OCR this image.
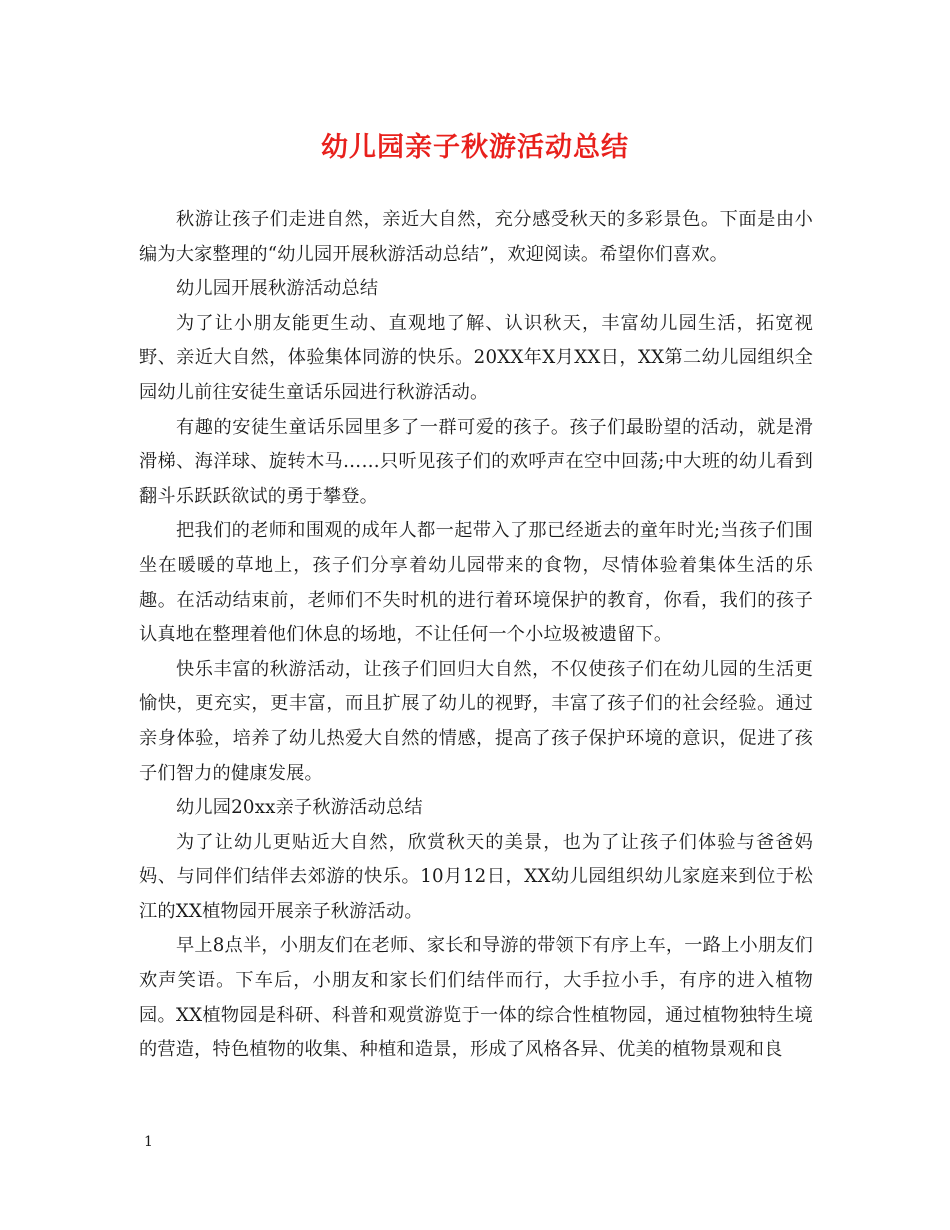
幼儿园亲子秋游活动总结

秋游让孩子们走进自然，亲近大自然，充分感受秋天的多彩景色。下面是由小编为大家整理的“幼儿园开展秋游活动总结”，欢迎阅读。希望你们喜欢。

幼儿园开展秋游活动总结

为了让小朋友能更生动、直观地了解、认识秋天，丰富幼儿园生活，拓宽视野、亲近大自然，体验集体同游的快乐。20XX年X月XX日，XX第二幼儿园组织全园幼儿前往安徒生童话乐园进行秋游活动。

有趣的安徒生童话乐园里多了一群可爱的孩子。孩子们最盼望的活动，就是滑滑梯、海洋球、旋转木马……只听见孩子们的欢呼声在空中回荡;中大班的幼儿看到翻斗乐跃跃欲试的勇于攀登。

把我们的老师和围观的成年人都一起带入了那已经逝去的童年时光;当孩子们围坐在暖暖的草地上，孩子们分享着幼儿园带来的食物，尽情体验着集体生活的乐趣。在活动结束前，老师们不失时机的进行着环境保护的教育，你看，我们的孩子认真地在整理着他们休息的场地，不让任何一个小垃圾被遗留下。

快乐丰富的秋游活动，让孩子们回归大自然，不仅使孩子们在幼儿园的生活更愉快，更充实，更丰富，而且扩展了幼儿的视野，丰富了孩子们的社会经验。通过亲身体验，培养了幼儿热爱大自然的情感，提高了孩子保护环境的意识，促进了孩子们智力的健康发展。

幼儿园20xx亲子秋游活动总结

为了让幼儿更贴近大自然，欣赏秋天的美景，也为了让孩子们体验与爸爸妈妈、与同伴们结伴去郊游的快乐。10月12日，XX幼儿园组织幼儿家庭来到位于松江的XX植物园开展亲子秋游活动。

早上8点半，小朋友们在老师、家长和导游的带领下有序上车，一路上小朋友们欢声笑语。下车后，小朋友和家长们们结伴而行，大手拉小手，有序的进入植物园。XX植物园是科研、科普和观赏游览于一体的综合性植物园，通过植物独特生境的营造，特色植物的收集、种植和造景，形成了风格各异、优美的植物景观和良

1
